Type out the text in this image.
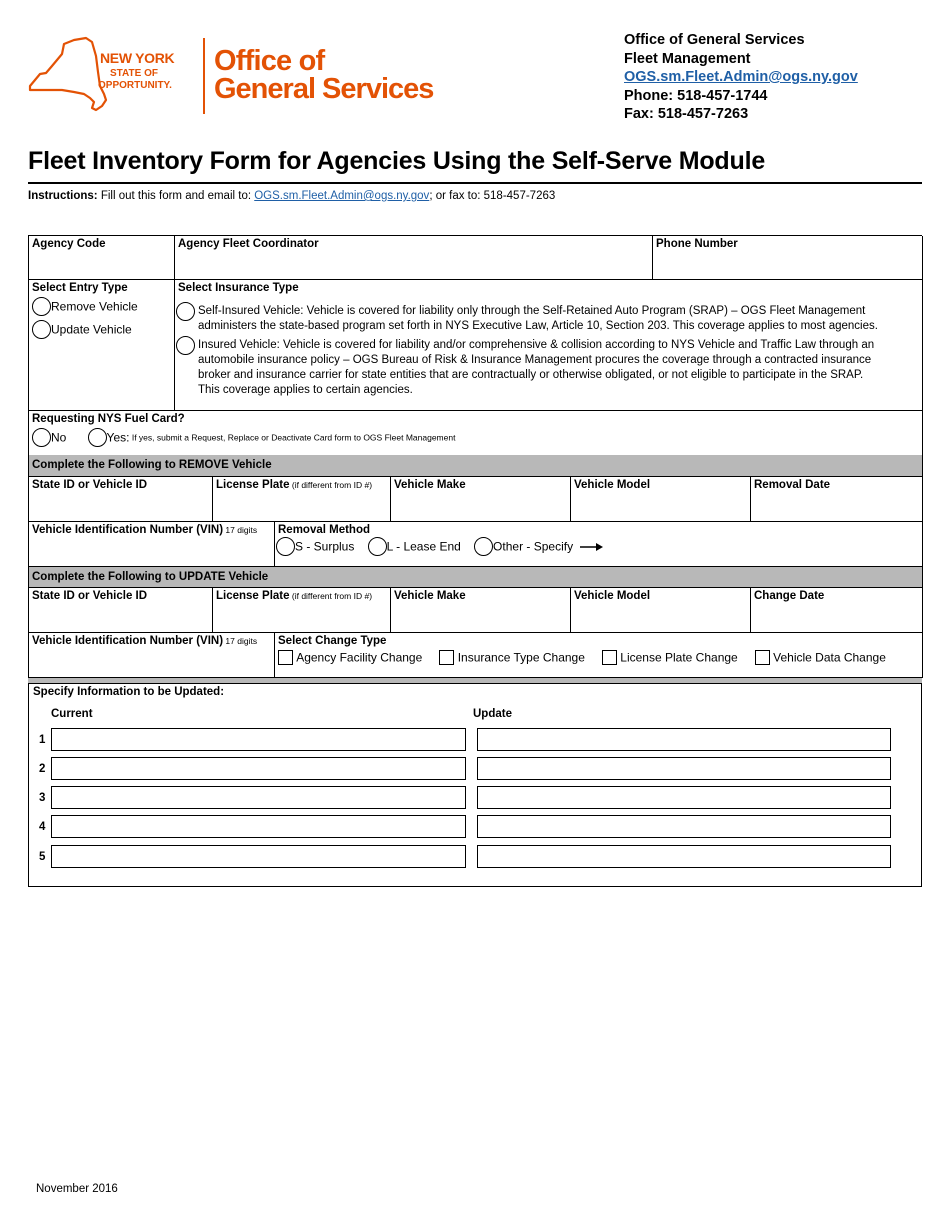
NEW YORK
STATE OF
OPPORTUNITY.
Office of
General Services
Office of General Services
Fleet Management
OGS.sm.Fleet.Admin@ogs.ny.gov
Phone: 518-457-1744
Fax: 518-457-7263
Fleet Inventory Form for Agencies Using the Self-Serve Module
Instructions: Fill out this form and email to: OGS.sm.Fleet.Admin@ogs.ny.gov; or fax to: 518-457-7263
Agency Code	Agency Fleet Coordinator	Phone Number
Select Entry Type
Remove Vehicle
Update Vehicle
Select Insurance Type
Self-Insured Vehicle: Vehicle is covered for liability only through the Self-Retained Auto Program (SRAP) – OGS Fleet Management
administers the state-based program set forth in NYS Executive Law, Article 10, Section 203. This coverage applies to most agencies.
Insured Vehicle: Vehicle is covered for liability and/or comprehensive & collision according to NYS Vehicle and Traffic Law through an
automobile insurance policy – OGS Bureau of Risk & Insurance Management procures the coverage through a contracted insurance
broker and insurance carrier for state entities that are contractually or otherwise obligated, or not eligible to participate in the SRAP.
This coverage applies to certain agencies.
Requesting NYS Fuel Card?
No	Yes: If yes, submit a Request, Replace or Deactivate Card form to OGS Fleet Management
Complete the Following to REMOVE Vehicle
State ID or Vehicle ID	License Plate (if different from ID #)	Vehicle Make	Vehicle Model	Removal Date
Vehicle Identification Number (VIN) 17 digits	Removal Method
S - Surplus	L - Lease End	Other - Specify
Complete the Following to UPDATE Vehicle
State ID or Vehicle ID	License Plate (if different from ID #)	Vehicle Make	Vehicle Model	Change Date
Vehicle Identification Number (VIN) 17 digits	Select Change Type
Agency Facility Change	Insurance Type Change	License Plate Change	Vehicle Data Change
Specify Information to be Updated:
Current	Update
1
2
3
4
5
November 2016
